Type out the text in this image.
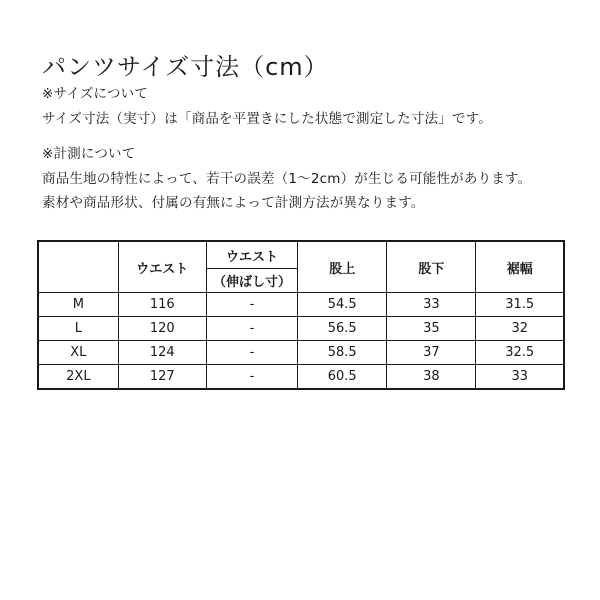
パンツサイズ寸法（cm）
※サイズについて
サイズ寸法（実寸）は「商品を平置きにした状態で測定した寸法」です。
※計測について
商品生地の特性によって、若干の誤差（1〜2cm）が生じる可能性があります。
素材や商品形状、付属の有無によって計測方法が異なります。
	ウエスト	ウエスト	股上	股下	裾幅
		（伸ばし寸）			
M	116	-	54.5	33	31.5
L	120	-	56.5	35	32
XL	124	-	58.5	37	32.5
2XL	127	-	60.5	38	33
